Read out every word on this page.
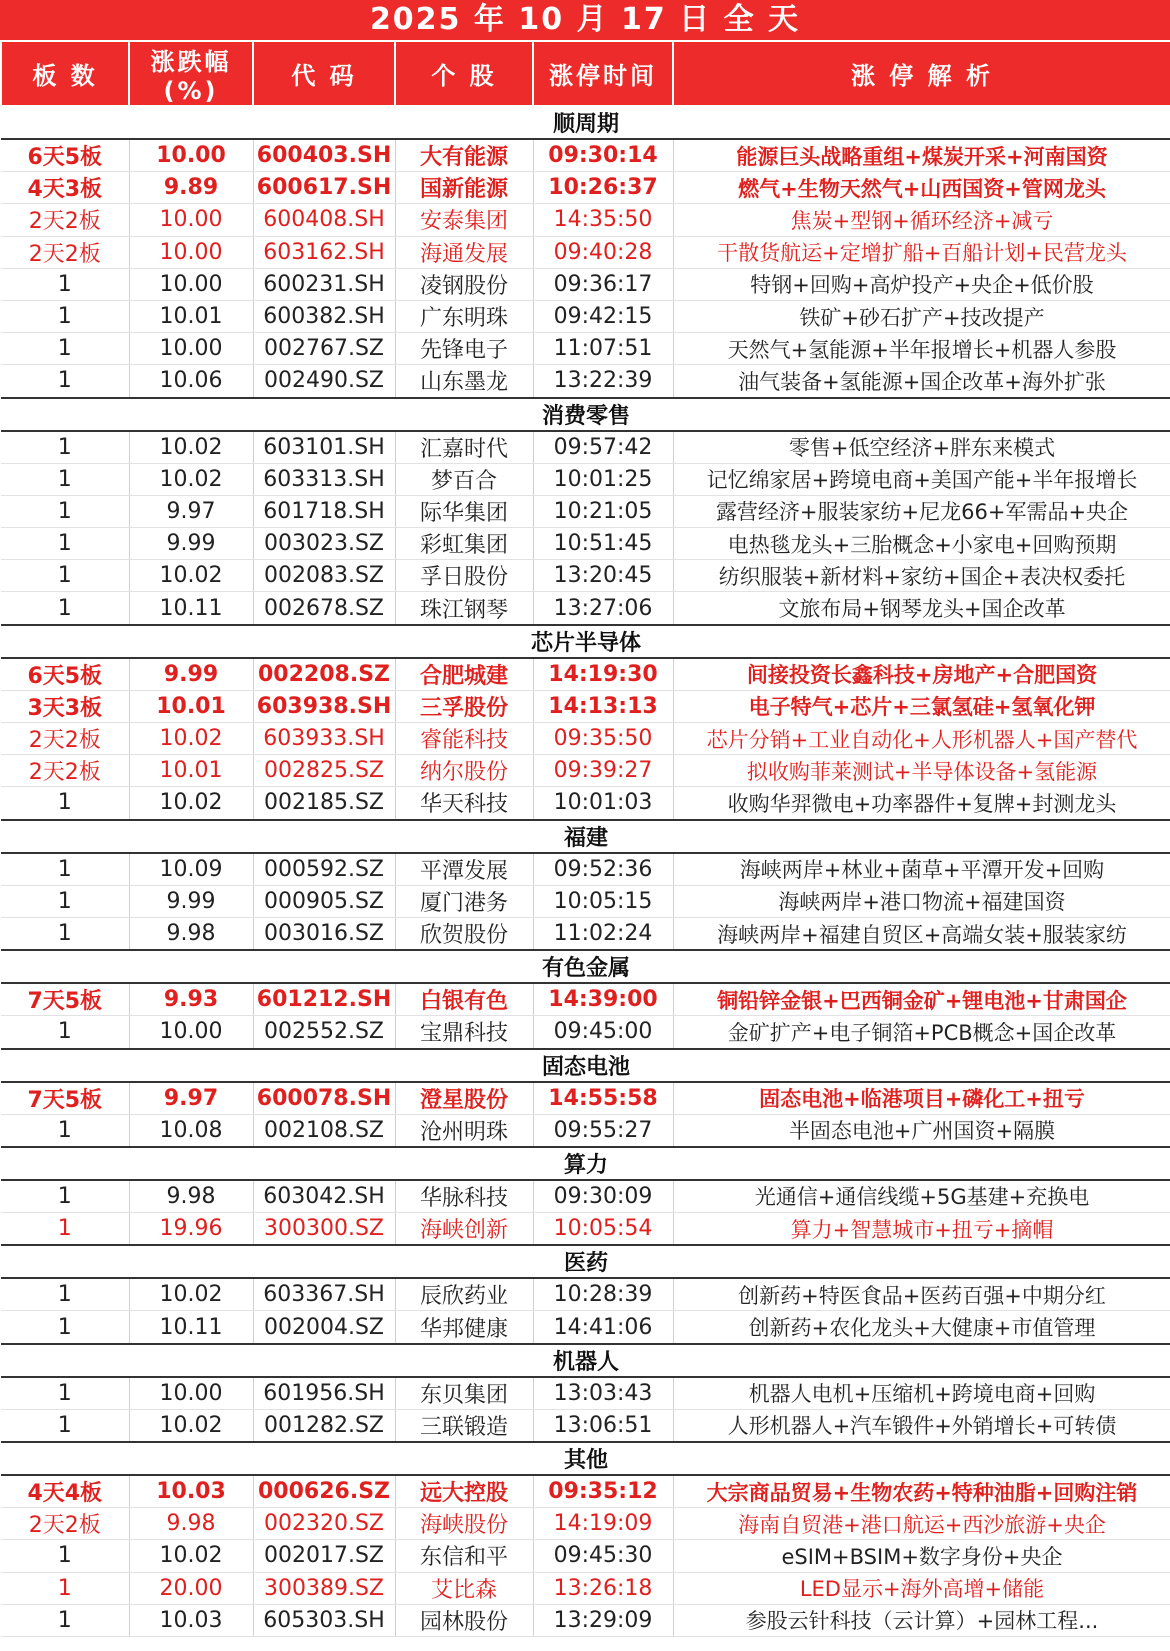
2025 年 10 月 17 日 全 天
板 数	涨跌幅(%)	代 码	个 股	涨停时间	涨 停 解 析
顺周期					
6天5板	10.00	600403.SH	大有能源	09:30:14	能源巨头战略重组+煤炭开采+河南国资
4天3板	9.89	600617.SH	国新能源	10:26:37	燃气+生物天然气+山西国资+管网龙头
2天2板	10.00	600408.SH	安泰集团	14:35:50	焦炭+型钢+循环经济+减亏
2天2板	10.00	603162.SH	海通发展	09:40:28	干散货航运+定增扩船+百船计划+民营龙头
1	10.00	600231.SH	凌钢股份	09:36:17	特钢+回购+高炉投产+央企+低价股
1	10.01	600382.SH	广东明珠	09:42:15	铁矿+砂石扩产+技改提产
1	10.00	002767.SZ	先锋电子	11:07:51	天然气+氢能源+半年报增长+机器人参股
1	10.06	002490.SZ	山东墨龙	13:22:39	油气装备+氢能源+国企改革+海外扩张
消费零售					
1	10.02	603101.SH	汇嘉时代	09:57:42	零售+低空经济+胖东来模式
1	10.02	603313.SH	梦百合	10:01:25	记忆绵家居+跨境电商+美国产能+半年报增长
1	9.97	601718.SH	际华集团	10:21:05	露营经济+服装家纺+尼龙66+军需品+央企
1	9.99	003023.SZ	彩虹集团	10:51:45	电热毯龙头+三胎概念+小家电+回购预期
1	10.02	002083.SZ	孚日股份	13:20:45	纺织服装+新材料+家纺+国企+表决权委托
1	10.11	002678.SZ	珠江钢琴	13:27:06	文旅布局+钢琴龙头+国企改革
芯片半导体					
6天5板	9.99	002208.SZ	合肥城建	14:19:30	间接投资长鑫科技+房地产+合肥国资
3天3板	10.01	603938.SH	三孚股份	14:13:13	电子特气+芯片+三氯氢硅+氢氧化钾
2天2板	10.02	603933.SH	睿能科技	09:35:50	芯片分销+工业自动化+人形机器人+国产替代
2天2板	10.01	002825.SZ	纳尔股份	09:39:27	拟收购菲莱测试+半导体设备+氢能源
1	10.02	002185.SZ	华天科技	10:01:03	收购华羿微电+功率器件+复牌+封测龙头
福建					
1	10.09	000592.SZ	平潭发展	09:52:36	海峡两岸+林业+菌草+平潭开发+回购
1	9.99	000905.SZ	厦门港务	10:05:15	海峡两岸+港口物流+福建国资
1	9.98	003016.SZ	欣贺股份	11:02:24	海峡两岸+福建自贸区+高端女装+服装家纺
有色金属					
7天5板	9.93	601212.SH	白银有色	14:39:00	铜铅锌金银+巴西铜金矿+锂电池+甘肃国企
1	10.00	002552.SZ	宝鼎科技	09:45:00	金矿扩产+电子铜箔+PCB概念+国企改革
固态电池					
7天5板	9.97	600078.SH	澄星股份	14:55:58	固态电池+临港项目+磷化工+扭亏
1	10.08	002108.SZ	沧州明珠	09:55:27	半固态电池+广州国资+隔膜
算力					
1	9.98	603042.SH	华脉科技	09:30:09	光通信+通信线缆+5G基建+充换电
1	19.96	300300.SZ	海峡创新	10:05:54	算力+智慧城市+扭亏+摘帽
医药					
1	10.02	603367.SH	辰欣药业	10:28:39	创新药+特医食品+医药百强+中期分红
1	10.11	002004.SZ	华邦健康	14:41:06	创新药+农化龙头+大健康+市值管理
机器人					
1	10.00	601956.SH	东贝集团	13:03:43	机器人电机+压缩机+跨境电商+回购
1	10.02	001282.SZ	三联锻造	13:06:51	人形机器人+汽车锻件+外销增长+可转债
其他					
4天4板	10.03	000626.SZ	远大控股	09:35:12	大宗商品贸易+生物农药+特种油脂+回购注销
2天2板	9.98	002320.SZ	海峡股份	14:19:09	海南自贸港+港口航运+西沙旅游+央企
1	10.02	002017.SZ	东信和平	09:45:30	eSIM+BSIM+数字身份+央企
1	20.00	300389.SZ	艾比森	13:26:18	LED显示+海外高增+储能
1	10.03	605303.SH	园林股份	13:29:09	参股云针科技（云计算）+园林工程...
